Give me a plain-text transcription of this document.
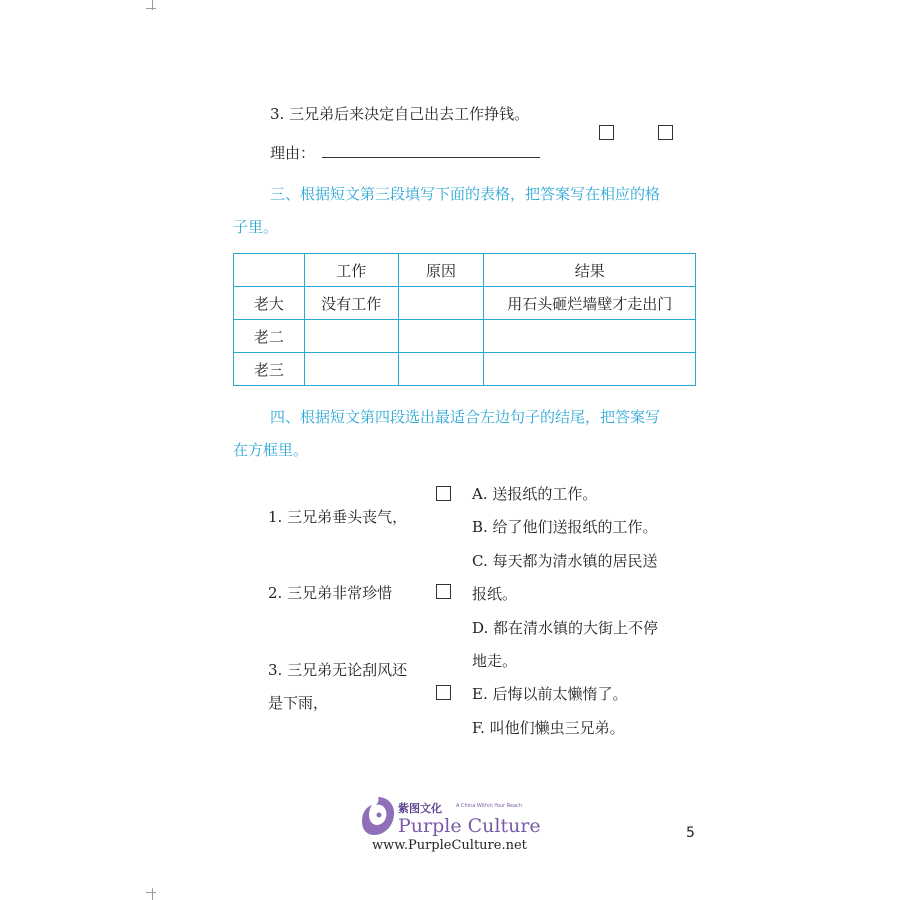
3. 三兄弟后来决定自己出去工作挣钱。
理由：
三、根据短文第三段填写下面的表格，把答案写在相应的格
子里。
	工作	原因	结果
老大	没有工作		用石头砸烂墙壁才走出门
老二			
老三			
四、根据短文第四段选出最适合左边句子的结尾，把答案写
在方框里。
1. 三兄弟垂头丧气，
2. 三兄弟非常珍惜
3. 三兄弟无论刮风还
是下雨，
A. 送报纸的工作。
B. 给了他们送报纸的工作。
C. 每天都为清水镇的居民送
报纸。
D. 都在清水镇的大街上不停
地走。
E. 后悔以前太懒惰了。
F. 叫他们懒虫三兄弟。
紫图文化	A China Within Your Reach
Purple Culture
www.PurpleCulture.net
5
